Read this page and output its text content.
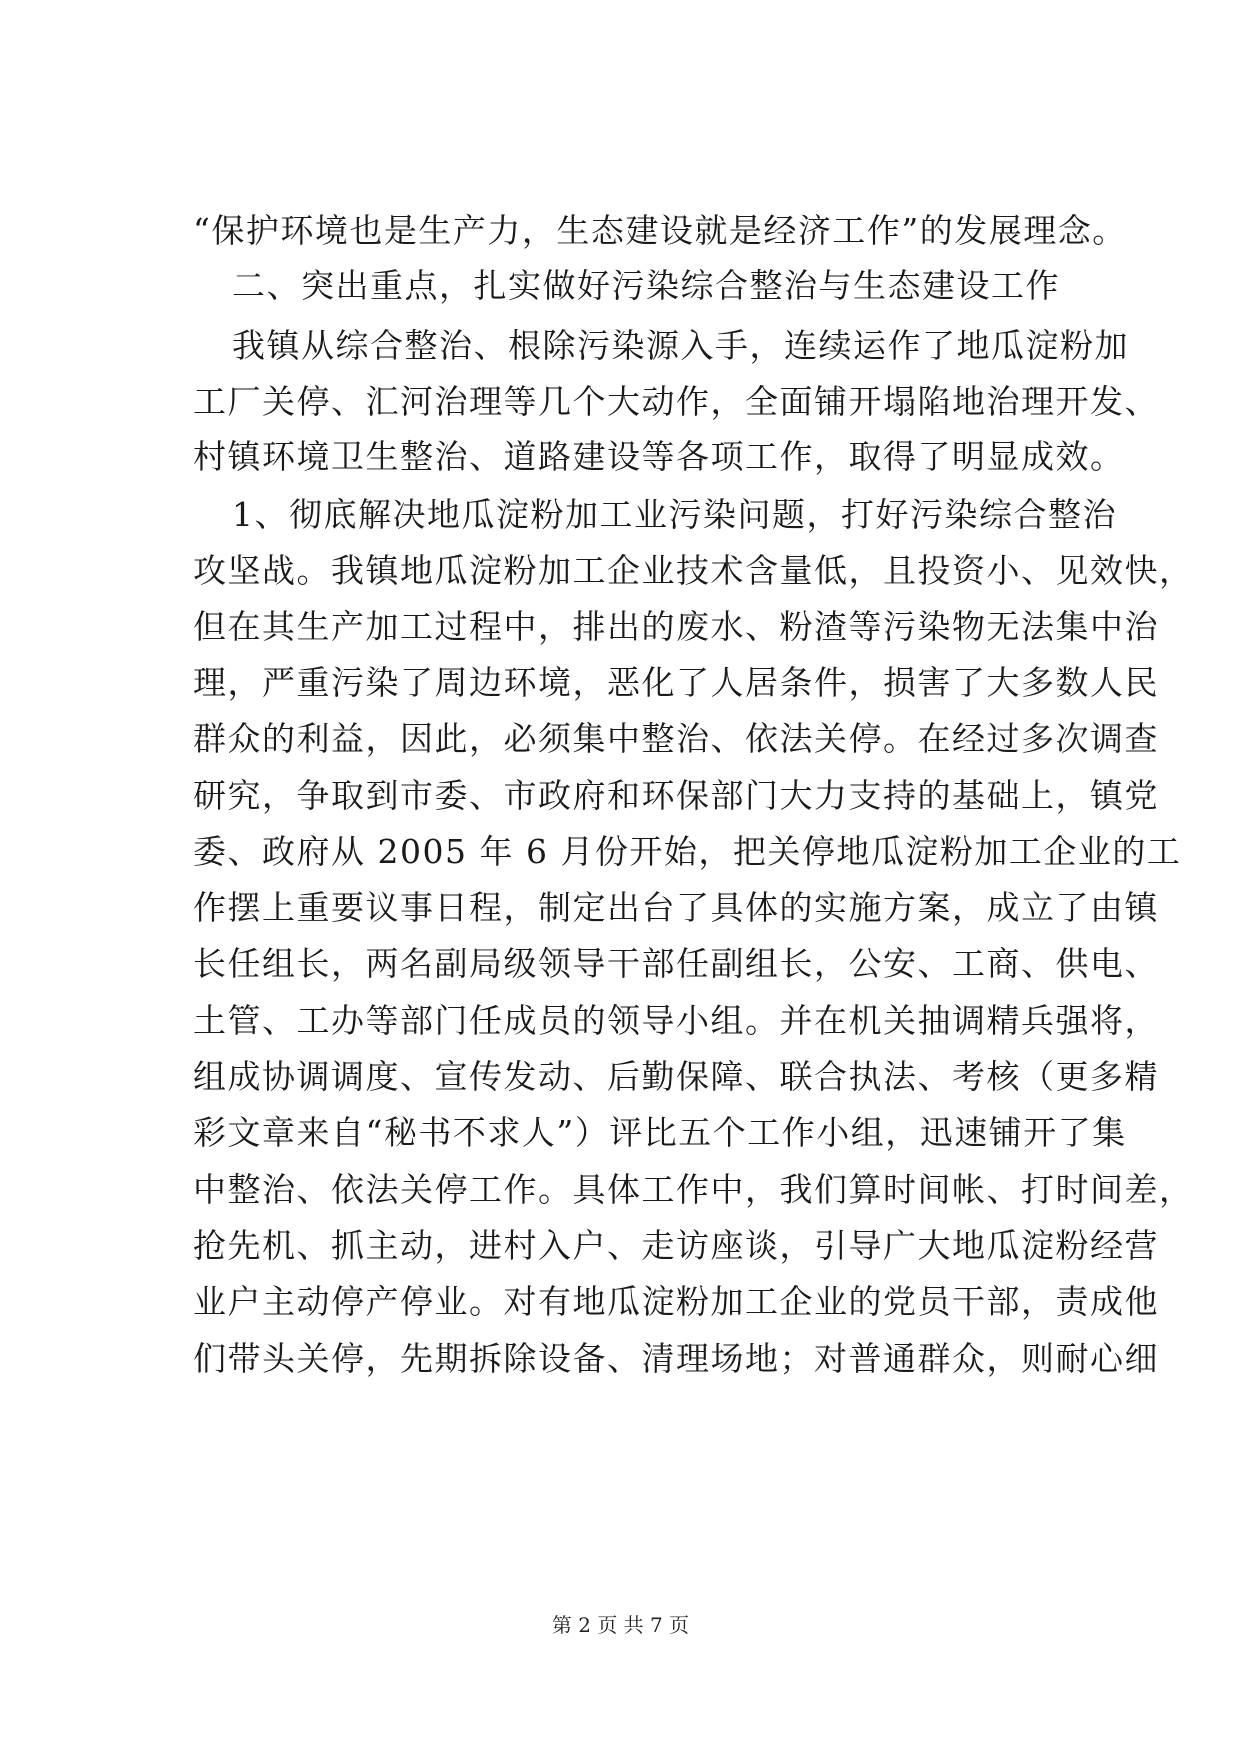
“保护环境也是生产力，生态建设就是经济工作”的发展理念。
二、突出重点，扎实做好污染综合整治与生态建设工作
我镇从综合整治、根除污染源入手，连续运作了地瓜淀粉加
工厂关停、汇河治理等几个大动作，全面铺开塌陷地治理开发、
村镇环境卫生整治、道路建设等各项工作，取得了明显成效。
1、彻底解决地瓜淀粉加工业污染问题，打好污染综合整治
攻坚战。我镇地瓜淀粉加工企业技术含量低，且投资小、见效快，
但在其生产加工过程中，排出的废水、粉渣等污染物无法集中治
理，严重污染了周边环境，恶化了人居条件，损害了大多数人民
群众的利益，因此，必须集中整治、依法关停。在经过多次调查
研究，争取到市委、市政府和环保部门大力支持的基础上，镇党
委、政府从 2005 年 6 月份开始，把关停地瓜淀粉加工企业的工
作摆上重要议事日程，制定出台了具体的实施方案，成立了由镇
长任组长，两名副局级领导干部任副组长，公安、工商、供电、
土管、工办等部门任成员的领导小组。并在机关抽调精兵强将，
组成协调调度、宣传发动、后勤保障、联合执法、考核（更多精
彩文章来自“秘书不求人”）评比五个工作小组，迅速铺开了集
中整治、依法关停工作。具体工作中，我们算时间帐、打时间差，
抢先机、抓主动，进村入户、走访座谈，引导广大地瓜淀粉经营
业户主动停产停业。对有地瓜淀粉加工企业的党员干部，责成他
们带头关停，先期拆除设备、清理场地；对普通群众，则耐心细
第 2 页 共 7 页
